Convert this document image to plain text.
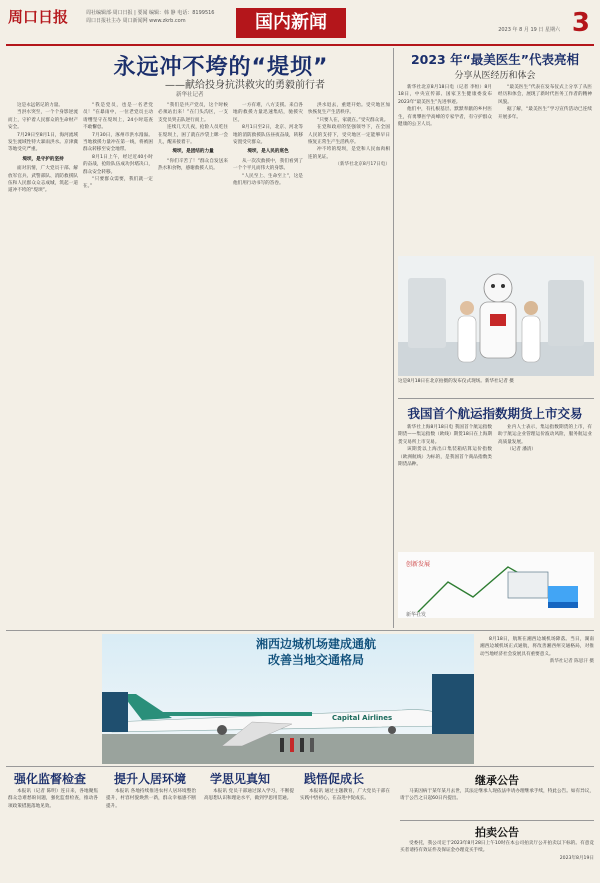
周口日报	周社编辑部·周口日报 | 要闻 编辑：韩 静 电话：8199516
周口日报社主办 周口新闻网 www.zkrb.com	国内新闻	2023 年 8 月 19 日 星期六 3
永远冲不垮的“堤坝”
——献给投身抗洪救灾的勇毅前行者
新华社记者

这是永远铭记的力量。

当洪水突至，一个个身影逆流而上，守护着人民群众的生命财产安全。

7月29日至8月1日，海河流域发生流域性特大暴雨洪水。京津冀等地受灾严重。

堤坝，是守护的坚持

面对汛情，广大党员干部、解放军官兵、武警部队、消防救援队伍和人民群众众志成城，筑起一道道冲不垮的“堤坝”。

“我是党员，也是一名老党员！”在暴雨中，一位老党员主动请缨坚守在堤坝上，24小时巡查不敢懈怠。

7月30日，涿州市洪水漫溢。当地救援力量冲在第一线，将被困群众转移至安全地带。

8月1日上午，经过近40小时的奋战，抢险队伍成功封堵决口，群众安全转移。

“只要群众需要，我们就一定在。”

“我们是共产党员，这个时候必须站出来！”在门头沟区，一支支党员突击队逆行而上。

连续几天几夜，抢险人员吃住在堤坝上，困了就在沙袋上眯一会儿，醒来接着干。

堤坝，是团结的力量

“你们辛苦了！”群众自发送来热水和食物，感谢救援人员。

一方有难，八方支援。来自各地的救援力量迅速集结，驰援灾区。

8月1日至2日，北京、河北等地的消防救援队伍昼夜奋战，转移安置受灾群众。

堤坝，是人民的底色

从一次次救援中，我们看到了一个个平凡而伟大的身影。

“人民至上、生命至上”，这是他们用行动书写的答卷。

洪水退去，重建开始。受灾地区加快恢复生产生活秩序。

“只要人在，家就在。”受灾群众说。

在党和政府的坚强领导下，在全国人民的支持下，受灾地区一定能够早日恢复正常生产生活秩序。

冲不垮的堤坝，是党和人民血肉相连的见证。

（新华社北京8月17日电）

2023 年“最美医生”代表亮相
分享从医经历和体会

新华社北京8月18日电（记者 李恒）8月18日，中央宣传部、国家卫生健康委发布2023年“最美医生”先进事迹。

他们中，有扎根基层、默默奉献的乡村医生，有勇攀医学高峰的专家学者，有守护群众健康的公卫人员。

“最美医生”代表在发布仪式上分享了从医经历和体会，展现了新时代医务工作者的精神风貌。

据了解，“最美医生”学习宣传活动已连续开展多年。

这是8月18日在北京拍摄的发布仪式现场。新华社记者 摄
我国首个航运指数期货上市交易

新华社上海8月18日电 我国首个航运指数期货——集运指数（欧线）期货18日在上海期货交易所上市交易。

该期货以上海出口集装箱结算运价指数（欧洲航线）为标的，是我国首个商品指数类期货品种。

业内人士表示，集运指数期货的上市，有助于航运企业管理运价波动风险，服务航运业高质量发展。

（记者 潘清）

创新发展
新华社发
Capital Airlines
湘西边城机场建成通航
改善当地交通格局

8月18日，航班在湘西边城机场降落。当日，湖南湘西边城机场正式通航，将改善湘西州交通格局，对推动当地经济社会发展具有重要意义。

新华社记者 陈思汗 摄

强化监督检查 提升人居环境 学思见真知	践悟促成长

本报讯（记者 陈明）连日来，各地聚焦群众急难愁盼问题，强化监督检查，推动各项政策措施落地见效。

本报讯 各地持续推进农村人居环境整治提升，村容村貌焕然一新，群众幸福感不断提升。

本报讯 党员干部通过深入学习，不断提高思想认识和理论水平，做到学思用贯通。

本报讯 通过主题教育，广大党员干部在实践中悟初心，在奋进中促成长。

继承公告

马某因病于某年某月去世，其法定继承人现依法申请办理继承手续，特此公告。如有异议，请于公告之日起60日内提出。

拍卖公告

受委托，我公司定于2023年8月28日上午10时在本公司拍卖厅公开拍卖以下标的。有意竞买者请持有效证件及保证金办理竞买手续。

2023年8月19日
